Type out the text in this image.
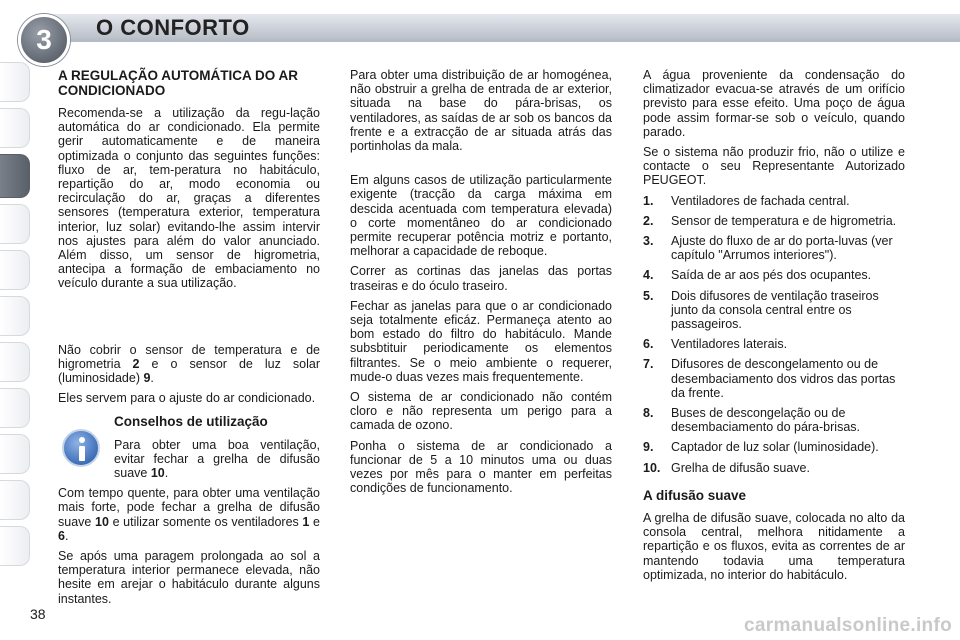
3 O CONFORTO
A REGULAÇÃO AUTOMÁTICA DO AR CONDICIONADO

Recomenda-se a utilização da regu-lação automática do ar condicionado. Ela permite gerir automaticamente e de maneira optimizada o conjunto das seguintes funções: fluxo de ar, tem-peratura no habitáculo, repartição do ar, modo economia ou recirculação do ar, graças a diferentes sensores (temperatura exterior, temperatura interior, luz solar) evitando-lhe assim intervir nos ajustes para além do valor anunciado. Além disso, um sensor de higrometria, antecipa a formação de embaciamento no veículo durante a sua utilização.

Não cobrir o sensor de temperatura e de higrometria 2 e o sensor de luz solar (luminosidade) 9.

Eles servem para o ajuste do ar condicionado.

Conselhos de utilização

Para obter uma boa ventilação, evitar fechar a grelha de difusão suave 10.

Com tempo quente, para obter uma ventilação mais forte, pode fechar a grelha de difusão suave 10 e utilizar somente os ventiladores 1 e 6.

Se após uma paragem prolongada ao sol a temperatura interior permanece elevada, não hesite em arejar o habitáculo durante alguns instantes.

Para obter uma distribuição de ar homogénea, não obstruir a grelha de entrada de ar exterior, situada na base do pára-brisas, os ventiladores, as saídas de ar sob os bancos da frente e a extracção de ar situada atrás das portinholas da mala.

Em alguns casos de utilização particularmente exigente (tracção da carga máxima em descida acentuada com temperatura elevada) o corte momentâneo do ar condicionado permite recuperar potência motriz e portanto, melhorar a capacidade de reboque.

Correr as cortinas das janelas das portas traseiras e do óculo traseiro.

Fechar as janelas para que o ar condicionado seja totalmente eficáz. Permaneça atento ao bom estado do filtro do habitáculo. Mande subsbtituir periodicamente os elementos filtrantes. Se o meio ambiente o requerer, mude-o duas vezes mais frequentemente.

O sistema de ar condicionado não contém cloro e não representa um perigo para a camada de ozono.

Ponha o sistema de ar condicionado a funcionar de 5 a 10 minutos uma ou duas vezes por mês para o manter em perfeitas condições de funcionamento.

A água proveniente da condensação do climatizador evacua-se através de um orifício previsto para esse efeito. Uma poço de água pode assim formar-se sob o veículo, quando parado.

Se o sistema não produzir frio, não o utilize e contacte o seu Representante Autorizado PEUGEOT.

1.	Ventiladores de fachada central.
2.	Sensor de temperatura e de higrometria.
3.	Ajuste do fluxo de ar do porta-luvas (ver capítulo "Arrumos interiores").
4.	Saída de ar aos pés dos ocupantes.
5.	Dois difusores de ventilação traseiros junto da consola central entre os passageiros.
6.	Ventiladores laterais.
7.	Difusores de descongelamento ou de desembaciamento dos vidros das portas da frente.
8.	Buses de descongelação ou de desembaciamento do pára-brisas.
9.	Captador de luz solar (luminosidade).
10. Grelha de difusão suave.
A difusão suave

A grelha de difusão suave, colocada no alto da consola central, melhora nitidamente a repartição e os fluxos, evita as correntes de ar mantendo todavia uma temperatura optimizada, no interior do habitáculo.

38
carmanualsonline.info
